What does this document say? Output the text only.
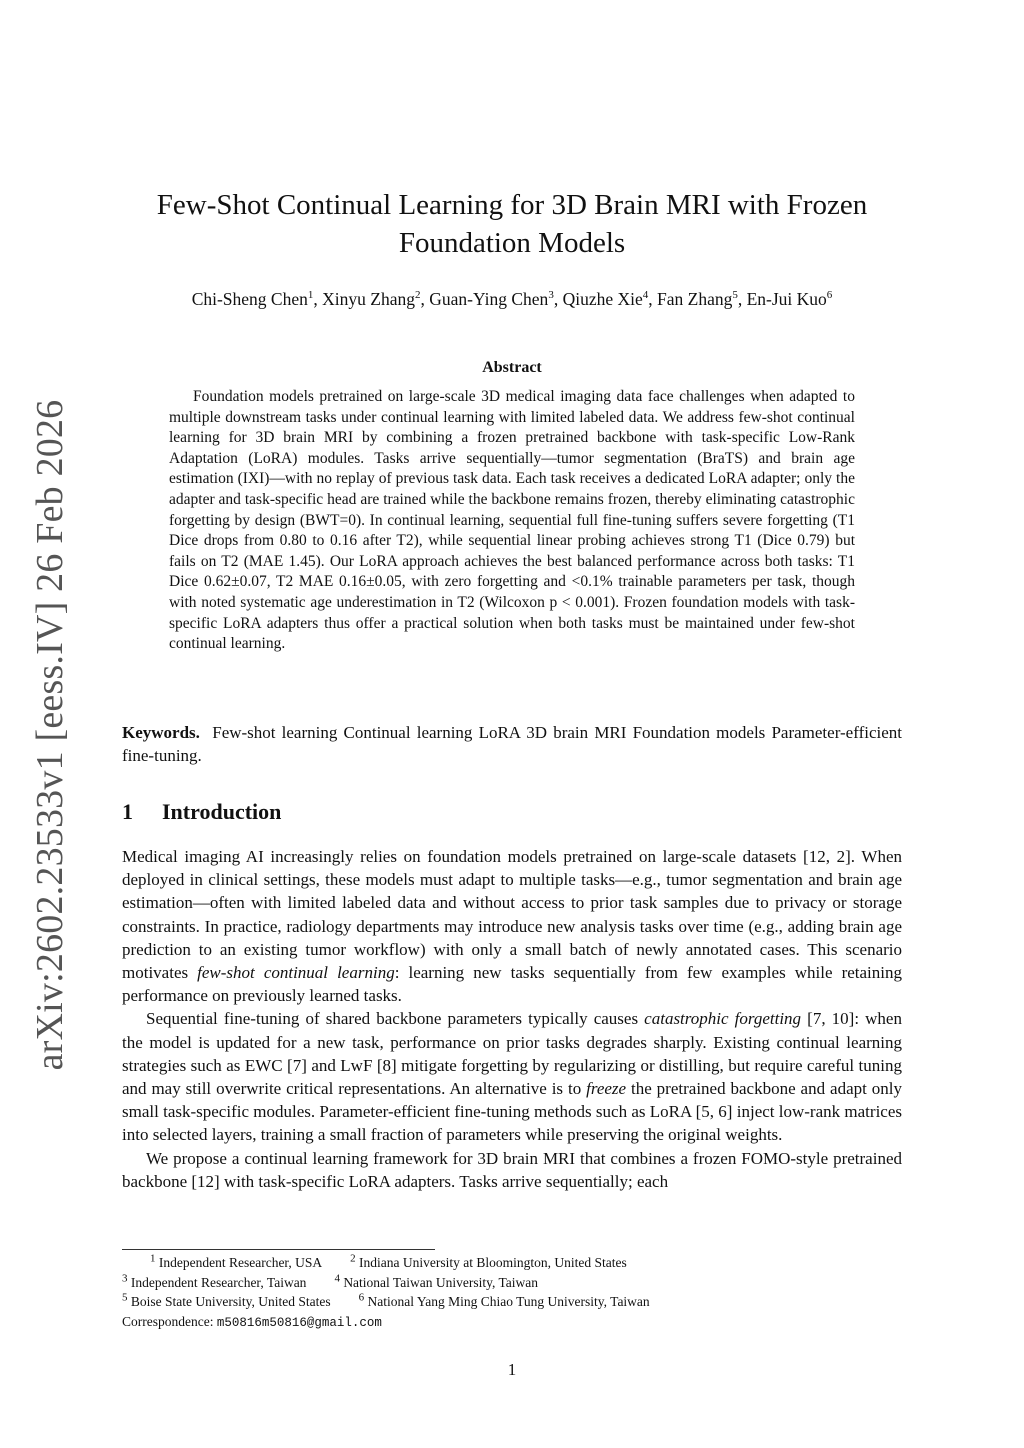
arXiv:2602.23533v1 [eess.IV] 26 Feb 2026
Few-Shot Continual Learning for 3D Brain MRI with Frozen
Foundation Models
Chi-Sheng Chen$^1$, Xinyu Zhang$^2$, Guan-Ying Chen$^3$, Qiuzhe Xie$^4$, Fan Zhang$^5$, En-Jui Kuo$^6$
Abstract
Foundation models pretrained on large-scale 3D medical imaging data face challenges when adapted to multiple downstream tasks under continual learning with limited labeled data. We address few-shot continual learning for 3D brain MRI by combining a frozen pretrained backbone with task-specific Low-Rank Adaptation (LoRA) modules. Tasks arrive sequentially—tumor segmentation (BraTS) and brain age estimation (IXI)—with no replay of previous task data. Each task receives a dedicated LoRA adapter; only the adapter and task-specific head are trained while the backbone remains frozen, thereby eliminating catastrophic forgetting by design (BWT=0). In continual learning, sequential full fine-tuning suffers severe forgetting (T1 Dice drops from 0.80 to 0.16 after T2), while sequential linear probing achieves strong T1 (Dice 0.79) but fails on T2 (MAE 1.45). Our LoRA approach achieves the best balanced performance across both tasks: T1 Dice 0.62±0.07, T2 MAE 0.16±0.05, with zero forgetting and <0.1% trainable parameters per task, though with noted systematic age underestimation in T2 (Wilcoxon p < 0.001). Frozen foundation models with task-specific LoRA adapters thus offer a practical solution when both tasks must be maintained under few-shot continual learning.
Keywords. Few-shot learning Continual learning LoRA 3D brain MRI Foundation models Parameter-efficient fine-tuning.
1 Introduction

Medical imaging AI increasingly relies on foundation models pretrained on large-scale datasets [12, 2]. When deployed in clinical settings, these models must adapt to multiple tasks—e.g., tumor segmentation and brain age estimation—often with limited labeled data and without access to prior task samples due to privacy or storage constraints. In practice, radiology departments may introduce new analysis tasks over time (e.g., adding brain age prediction to an existing tumor workflow) with only a small batch of newly annotated cases. This scenario motivates few-shot continual learning: learning new tasks sequentially from few examples while retaining performance on previously learned tasks.

Sequential fine-tuning of shared backbone parameters typically causes catastrophic forgetting [7, 10]: when the model is updated for a new task, performance on prior tasks degrades sharply. Existing continual learning strategies such as EWC [7] and LwF [8] mitigate forgetting by regularizing or distilling, but require careful tuning and may still overwrite critical representations. An alternative is to freeze the pretrained backbone and adapt only small task-specific modules. Parameter-efficient fine-tuning methods such as LoRA [5, 6] inject low-rank matrices into selected layers, training a small fraction of parameters while preserving the original weights.

We propose a continual learning framework for 3D brain MRI that combines a frozen FOMO-style pretrained backbone [12] with task-specific LoRA adapters. Tasks arrive sequentially; each

$^1$ Independent Researcher, USA	$^2$ Indiana University at Bloomington, United States
$^3$ Independent Researcher, Taiwan	$^4$ National Taiwan University, Taiwan
$^5$ Boise State University, United States	$^6$ National Yang Ming Chiao Tung University, Taiwan
Correspondence: m50816m50816@gmail.com
1
